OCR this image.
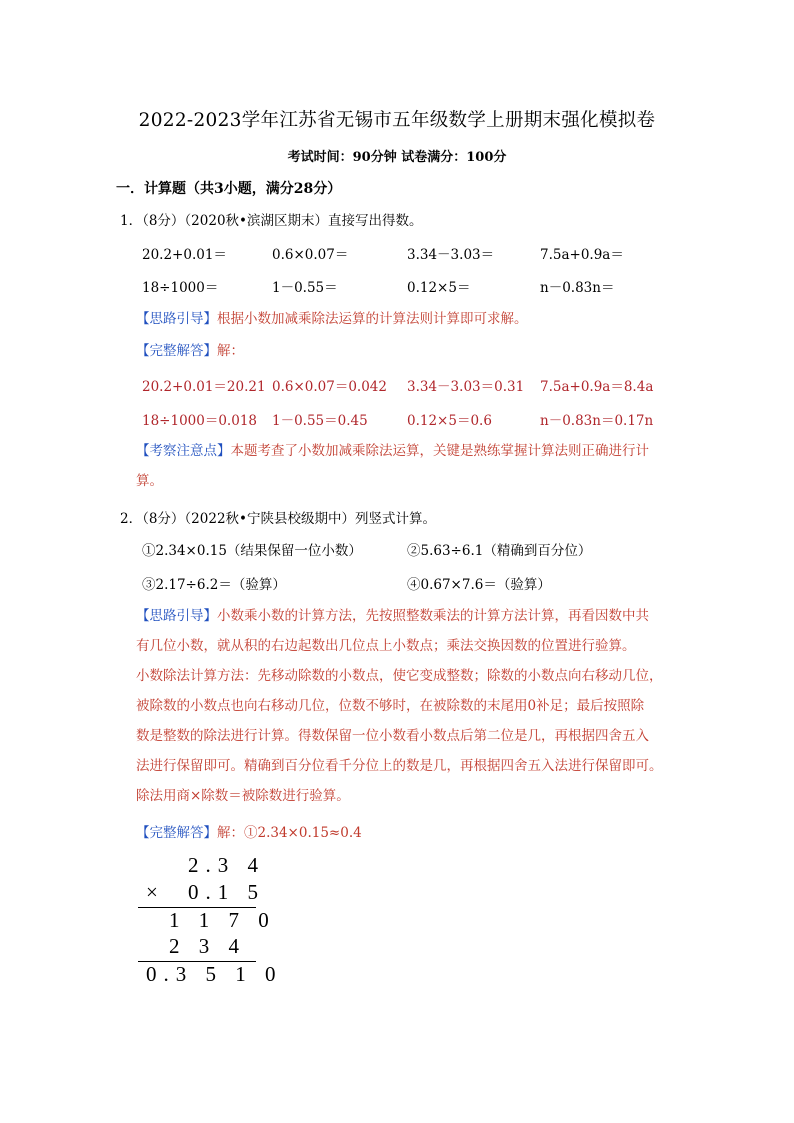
2022-2023学年江苏省无锡市五年级数学上册期末强化模拟卷
考试时间：90分钟 试卷满分：100分
一．计算题（共3小题，满分28分）
1．（8分）（2020秋•滨湖区期末）直接写出得数。
20.2+0.01＝	0.6×0.07＝	3.34－3.03＝	7.5a+0.9a＝
18÷1000＝	1－0.55＝	0.12×5＝	n－0.83n＝
【思路引导】根据小数加减乘除法运算的计算法则计算即可求解。
【完整解答】解：
20.2+0.01＝20.21 0.6×0.07＝0.042 3.34－3.03＝0.31 7.5a+0.9a＝8.4a
18÷1000＝0.018 1－0.55＝0.45	0.12×5＝0.6	n－0.83n＝0.17n
【考察注意点】本题考查了小数加减乘除法运算，关键是熟练掌握计算法则正确进行计
算。
2．（8分）（2022秋•宁陕县校级期中）列竖式计算。
①2.34×0.15（结果保留一位小数）	②5.63÷6.1（精确到百分位）
③2.17÷6.2＝（验算）	④0.67×7.6＝（验算）
【思路引导】小数乘小数的计算方法，先按照整数乘法的计算方法计算，再看因数中共
有几位小数，就从积的右边起数出几位点上小数点；乘法交换因数的位置进行验算。
小数除法计算方法：先移动除数的小数点，使它变成整数；除数的小数点向右移动几位，
被除数的小数点也向右移动几位，位数不够时，在被除数的末尾用0补足；最后按照除
数是整数的除法进行计算。得数保留一位小数看小数点后第二位是几，再根据四舍五入
法进行保留即可。精确到百分位看千分位上的数是几，再根据四舍五入法进行保留即可。
除法用商×除数＝被除数进行验算。
【完整解答】解：①2.34×0.15≈0.4
2.3 4
× 0.1 5
1 1 7 0
2 3 4
0.3 5 1 0
